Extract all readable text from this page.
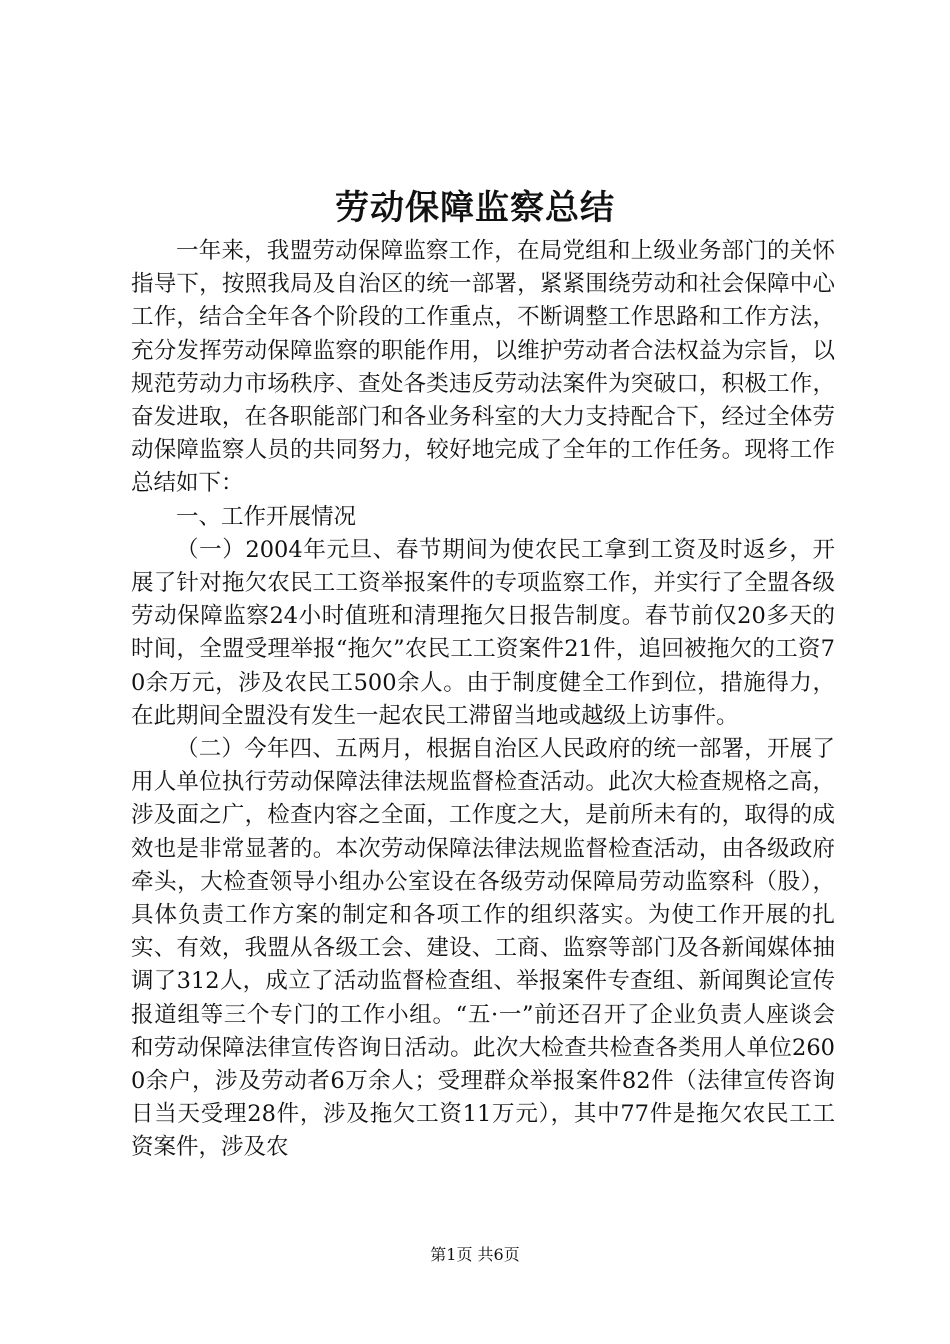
劳动保障监察总结

一年来，我盟劳动保障监察工作，在局党组和上级业务部门的关怀指导下，按照我局及自治区的统一部署，紧紧围绕劳动和社会保障中心工作，结合全年各个阶段的工作重点，不断调整工作思路和工作方法，充分发挥劳动保障监察的职能作用，以维护劳动者合法权益为宗旨，以规范劳动力市场秩序、查处各类违反劳动法案件为突破口，积极工作，奋发进取，在各职能部门和各业务科室的大力支持配合下，经过全体劳动保障监察人员的共同努力，较好地完成了全年的工作任务。现将工作总结如下：

一、工作开展情况

（一）2004年元旦、春节期间为使农民工拿到工资及时返乡，开展了针对拖欠农民工工资举报案件的专项监察工作，并实行了全盟各级劳动保障监察24小时值班和清理拖欠日报告制度。春节前仅20多天的时间，全盟受理举报“拖欠”农民工工资案件21件，追回被拖欠的工资70余万元，涉及农民工500余人。由于制度健全工作到位，措施得力，在此期间全盟没有发生一起农民工滞留当地或越级上访事件。

（二）今年四、五两月，根据自治区人民政府的统一部署，开展了用人单位执行劳动保障法律法规监督检查活动。此次大检查规格之高，涉及面之广，检查内容之全面，工作度之大，是前所未有的，取得的成效也是非常显著的。本次劳动保障法律法规监督检查活动，由各级政府牵头，大检查领导小组办公室设在各级劳动保障局劳动监察科（股），具体负责工作方案的制定和各项工作的组织落实。为使工作开展的扎实、有效，我盟从各级工会、建设、工商、监察等部门及各新闻媒体抽调了312人，成立了活动监督检查组、举报案件专查组、新闻舆论宣传报道组等三个专门的工作小组。“五·一”前还召开了企业负责人座谈会和劳动保障法律宣传咨询日活动。此次大检查共检查各类用人单位2600余户，涉及劳动者6万余人；受理群众举报案件82件（法律宣传咨询日当天受理28件，涉及拖欠工资11万元），其中77件是拖欠农民工工资案件，涉及农

第1页 共6页
